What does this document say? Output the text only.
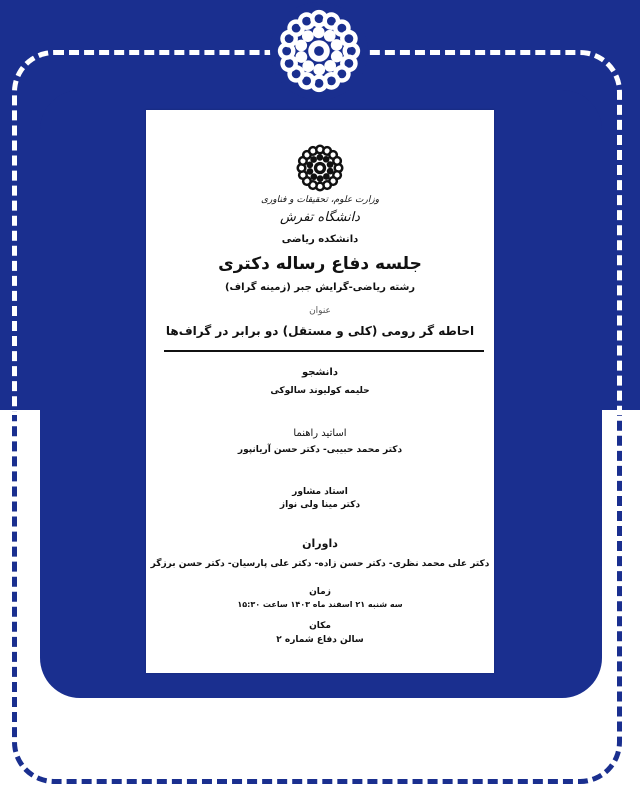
وزارت علوم، تحقیقات و فناوری
دانشگاه تفرش
دانشکده ریاضی
جلسه دفاع رساله دکتری
رشته ریاضی-گرایش جبر (زمینه گراف)
عنوان
احاطه گر رومی (کلی و مستقل) دو برابر در گراف‌ها
دانشجو
حلیمه کولیوند سالوکی
اساتید راهنما
دکتر محمد حبیبی- دکتر حسن آریانپور
استاد مشاور
دکتر مینا ولی نواز
داوران
دکتر علی محمد نظری- دکتر حسن زاده- دکتر علی پارسیان- دکتر حسن برزگر
زمان
سه شنبه ۲۱ اسفند ماه ۱۴۰۳ ساعت ۱۵:۳۰
مکان
سالن دفاع شماره ۲
اطلاعیه برگزاری جلسه دفاع دکتری رشته ریاضی
